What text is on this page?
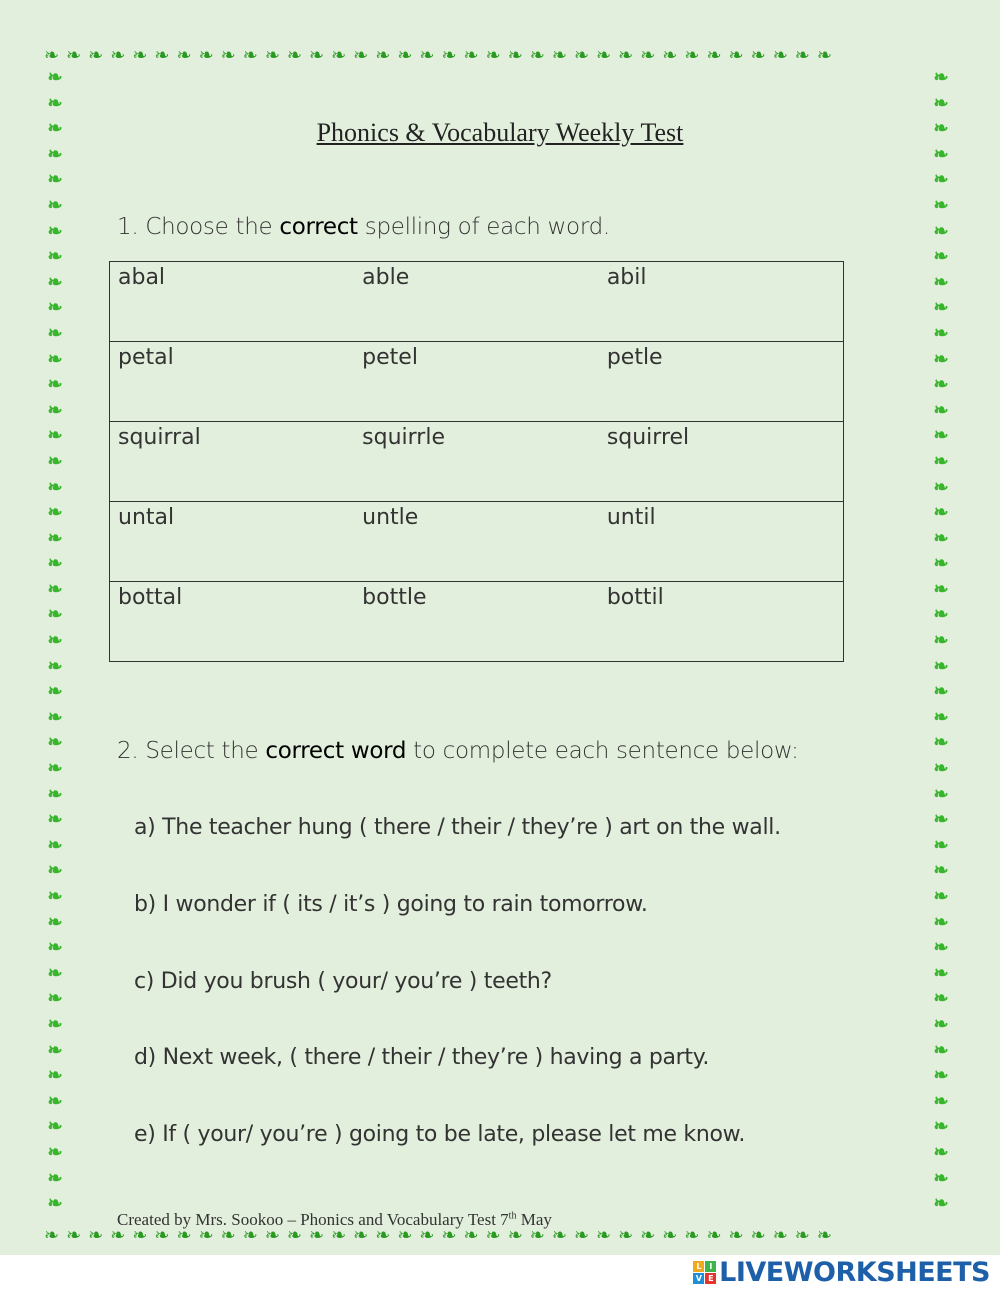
❧❧❧❧❧❧❧❧❧❧❧❧❧❧❧❧❧❧❧❧❧❧❧❧❧❧❧❧❧❧❧❧❧❧❧❧
❧❧❧❧❧❧❧❧❧❧❧❧❧❧❧❧❧❧❧❧❧❧❧❧❧❧❧❧❧❧❧❧❧❧❧❧
❧
❧
❧
❧
❧
❧
❧
❧
❧
❧
❧
❧
❧
❧
❧
❧
❧
❧
❧
❧
❧
❧
❧
❧
❧
❧
❧
❧
❧
❧
❧
❧
❧
❧
❧
❧
❧
❧
❧
❧
❧
❧
❧
❧
❧
❧
❧
❧
❧
❧
❧
❧
❧
❧
❧
❧
❧
❧
❧
❧
❧
❧
❧
❧
❧
❧
❧
❧
❧
❧
❧
❧
❧
❧
❧
❧
❧
❧
❧
❧
❧
❧
❧
❧
❧
❧
❧
❧
❧
❧
Phonics & Vocabulary Weekly Test
1. Choose the correct spelling of each word.
abal	able	abil
petal	petel	petle
squirral	squirrle	squirrel
untal	untle	until
bottal	bottle	bottil
2. Select the correct word to complete each sentence below:
a) The teacher hung ( there / their / they’re ) art on the wall.
b) I wonder if ( its / it’s ) going to rain tomorrow.
c) Did you brush ( your/ you’re ) teeth?
d) Next week, ( there / their / they’re ) having a party.
e) If ( your/ you’re ) going to be late, please let me know.
Created by Mrs. Sookoo – Phonics and Vocabulary Test 7th May
L	I
V E LIVEWORKSHEETS
